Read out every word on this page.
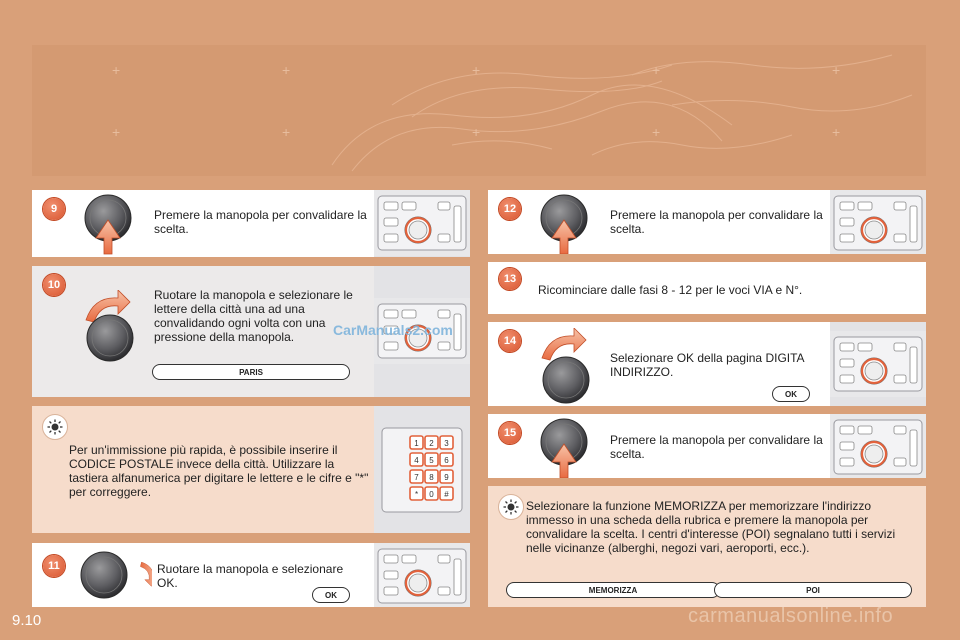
+	+	+	+	+
+	+	+	+	+
9	Premere la manopola per convalidare la scelta.
10
Ruotare la manopola e selezionare le lettere della città una ad una convalidando ogni volta con una pressione della manopola.
PARIS
Per un'immissione più rapida, è possibile inserire il CODICE POSTALE invece della città. Utilizzare la tastiera alfanumerica per digitare le lettere e le cifre e "*" per correggere.
1 2 3
4 5 6
7 8 9
* 0 #
11	Ruotare la manopola e selezionare OK.
OK
12	Premere la manopola per convalidare la scelta.
13
Ricominciare dalle fasi 8 - 12 per le voci VIA e N°.
14
Selezionare OK della pagina DIGITA INDIRIZZO.
OK
15	Premere la manopola per convalidare la scelta.
Selezionare la funzione MEMORIZZA per memorizzare l'indirizzo immesso in una scheda della rubrica e premere la manopola per convalidare la scelta. I centri d'interesse (POI) segnalano tutti i servizi nelle vicinanze (alberghi, negozi vari, aeroporti, ecc.).
MEMORIZZA	POI
CarManuals2.com
9.10	carmanualsonline.info
